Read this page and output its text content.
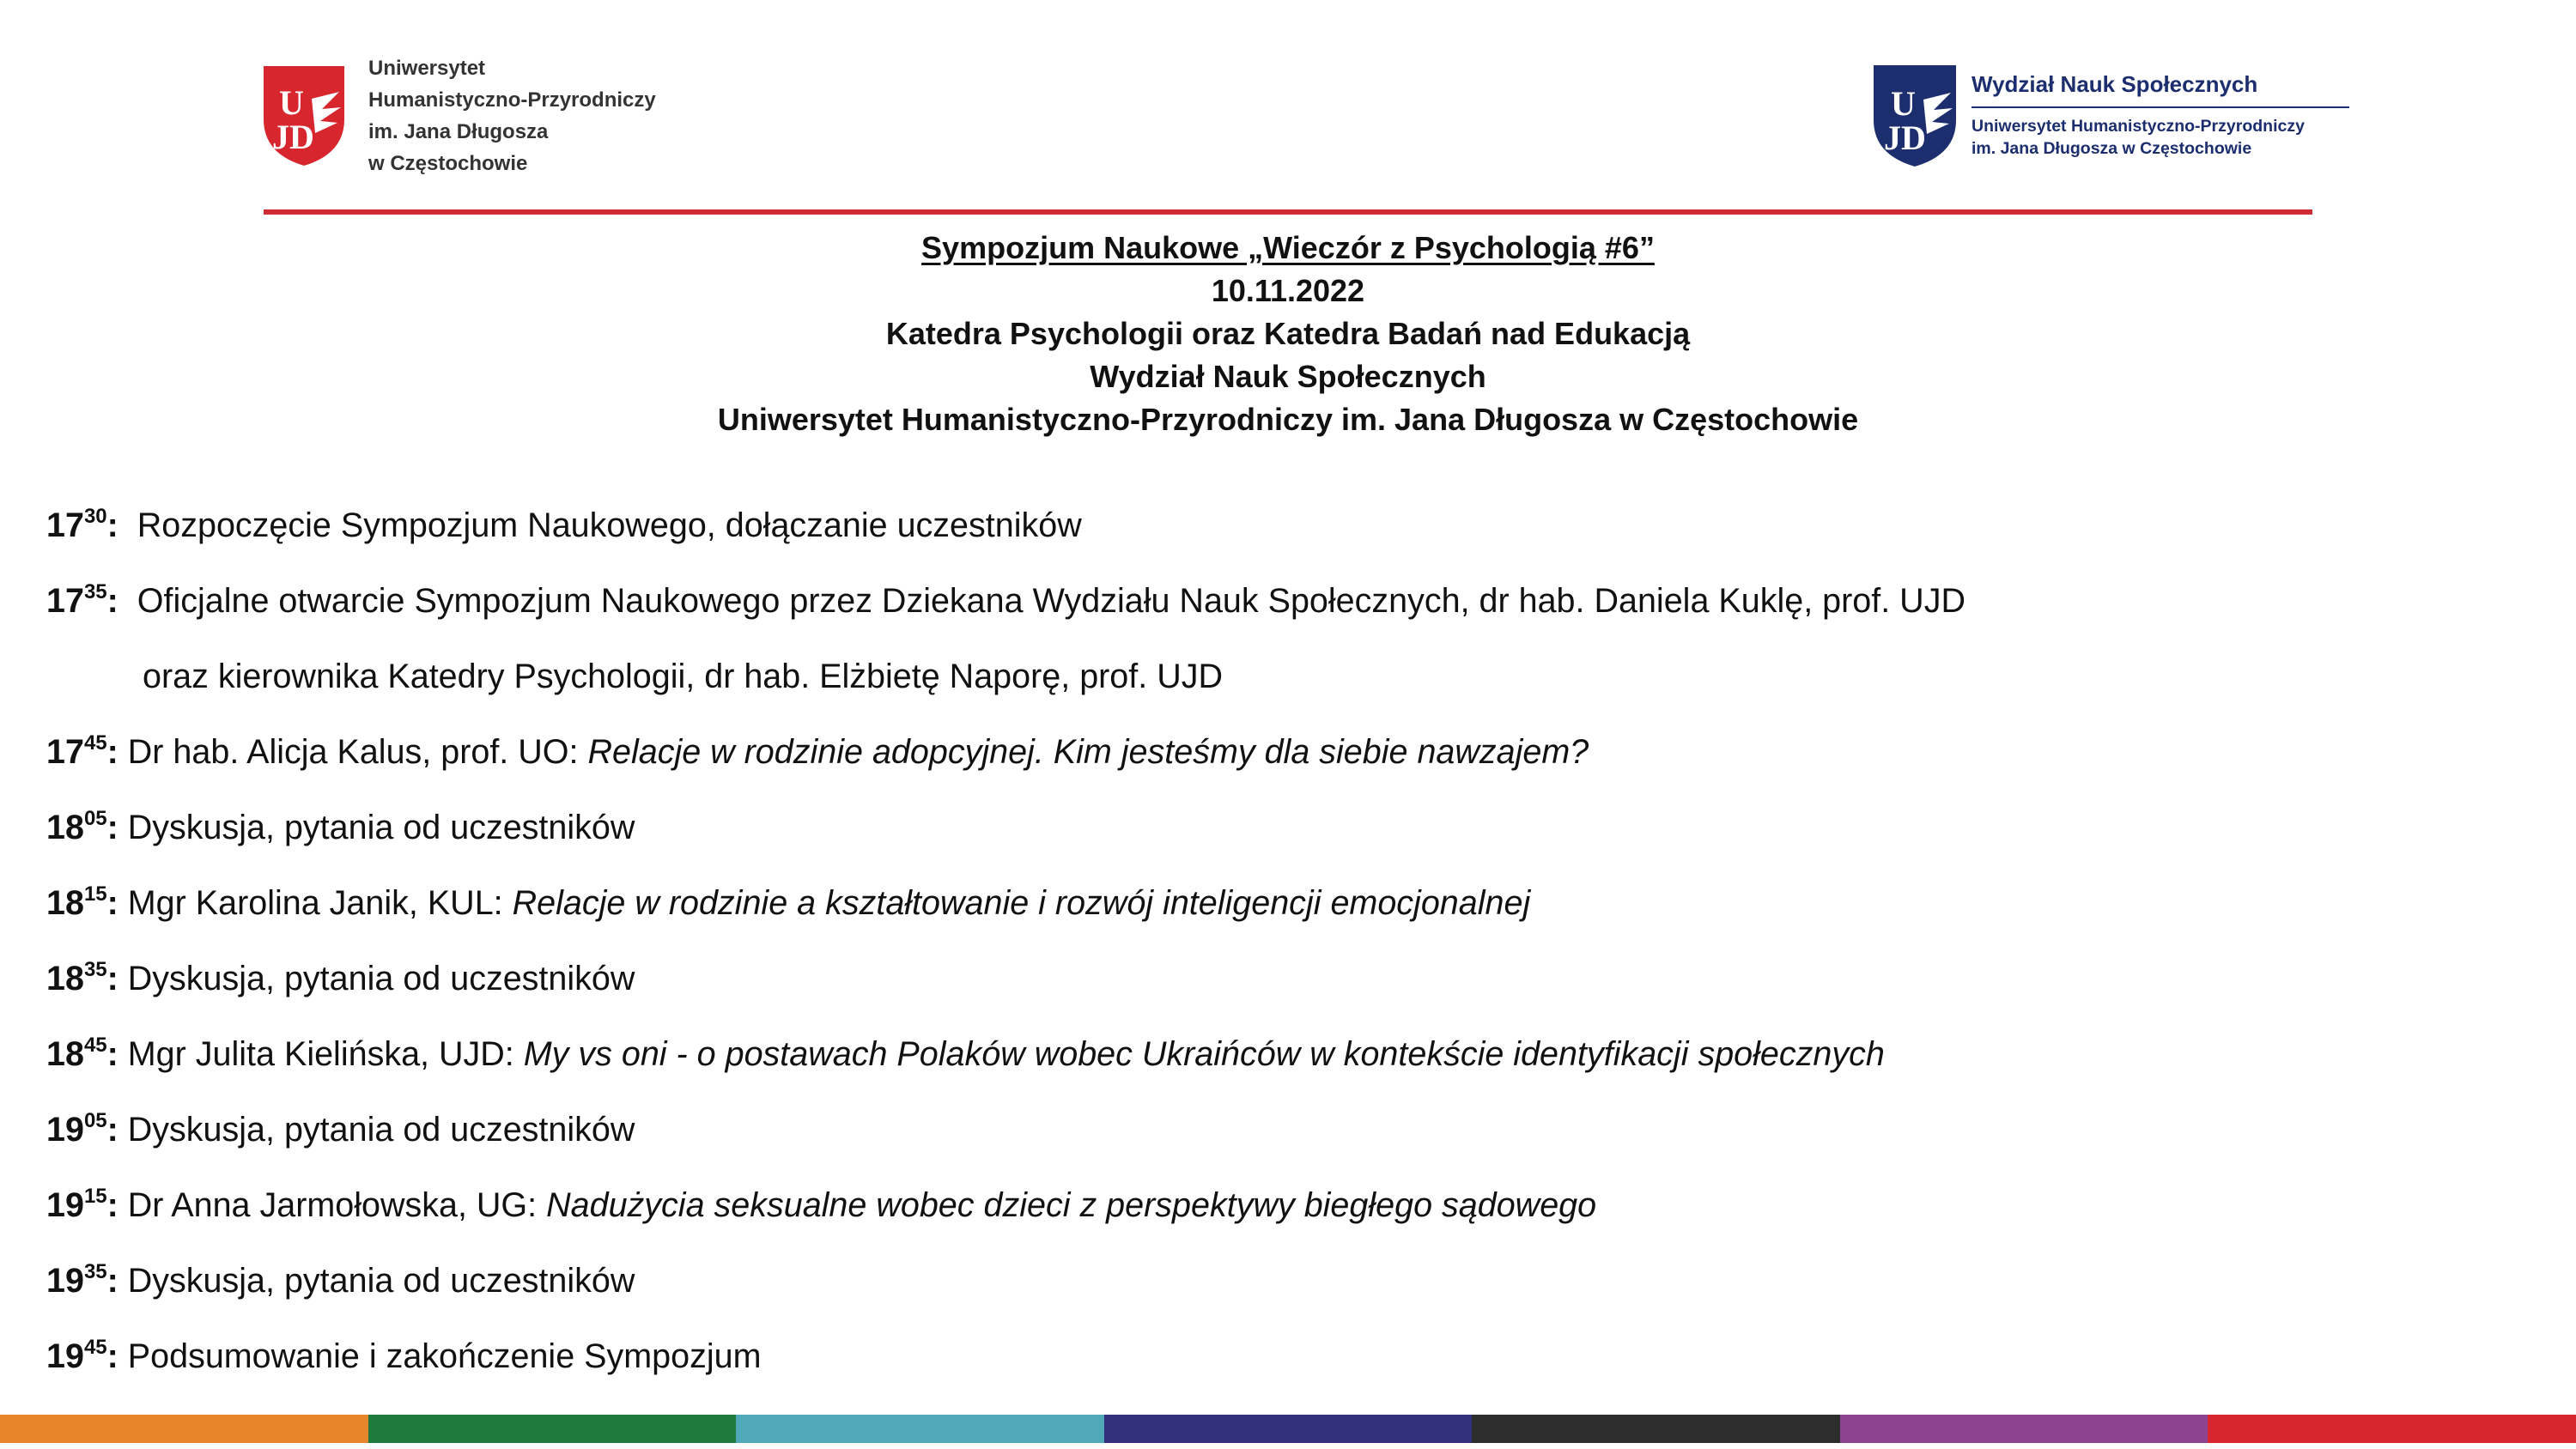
U
JD
Uniwersytet
Humanistyczno-Przyrodniczy
im. Jana Długosza
w Częstochowie
U
JD
Wydział Nauk Społecznych
Uniwersytet Humanistyczno-Przyrodniczy
im. Jana Długosza w Częstochowie
Sympozjum Naukowe „Wieczór z Psychologią #6”
10.11.2022
Katedra Psychologii oraz Katedra Badań nad Edukacją
Wydział Nauk Społecznych
Uniwersytet Humanistyczno-Przyrodniczy im. Jana Długosza w Częstochowie
$17^{30}$:  Rozpoczęcie Sympozjum Naukowego, dołączanie uczestników
$17^{35}$:  Oficjalne otwarcie Sympozjum Naukowego przez Dziekana Wydziału Nauk Społecznych, dr hab. Daniela Kuklę, prof. UJD
oraz kierownika Katedry Psychologii, dr hab. Elżbietę Naporę, prof. UJD
$17^{45}$: Dr hab. Alicja Kalus, prof. UO: Relacje w rodzinie adopcyjnej. Kim jesteśmy dla siebie nawzajem?
$18^{05}$: Dyskusja, pytania od uczestników
$18^{15}$: Mgr Karolina Janik, KUL: Relacje w rodzinie a kształtowanie i rozwój inteligencji emocjonalnej
$18^{35}$: Dyskusja, pytania od uczestników
$18^{45}$: Mgr Julita Kielińska, UJD: My vs oni - o postawach Polaków wobec Ukraińców w kontekście identyfikacji społecznych
$19^{05}$: Dyskusja, pytania od uczestników
$19^{15}$: Dr Anna Jarmołowska, UG: Nadużycia seksualne wobec dzieci z perspektywy biegłego sądowego
$19^{35}$: Dyskusja, pytania od uczestników
$19^{45}$: Podsumowanie i zakończenie Sympozjum
